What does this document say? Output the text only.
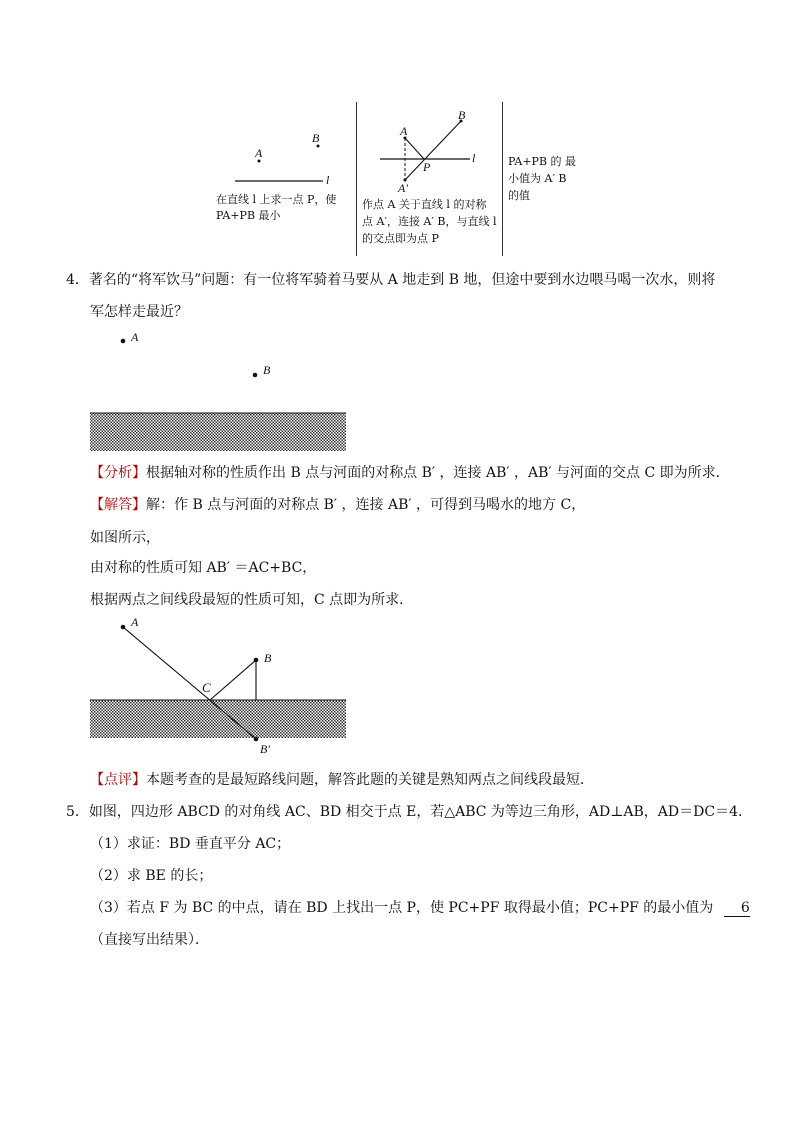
A
B
l
在直线 l 上求一点 P，使
PA+PB 最小
A
B
l
P
A′
作点 A 关于直线 l 的对称
点 A′，连接 A′ B，与直线 l
的交点即为点 P
PA+PB 的 最
小值为 A′ B
的值
4．著名的“将军饮马”问题：有一位将军骑着马要从 A 地走到 B 地，但途中要到水边喂马喝一次水，则将
军怎样走最近？
A
B
【分析】根据轴对称的性质作出 B 点与河面的对称点 B′ ，连接 AB′ ，AB′ 与河面的交点 C 即为所求．
【解答】解：作 B 点与河面的对称点 B′ ，连接 AB′ ，可得到马喝水的地方 C，
如图所示，
由对称的性质可知 AB′ ＝AC+BC，
根据两点之间线段最短的性质可知，C 点即为所求．
A
B
C
B′
【点评】本题考查的是最短路线问题，解答此题的关键是熟知两点之间线段最短．
5．如图，四边形 ABCD 的对角线 AC、BD 相交于点 E，若△ABC 为等边三角形，AD⊥AB，AD＝DC＝4．
（1）求证：BD 垂直平分 AC；
（2）求 BE 的长；
（3）若点 F 为 BC 的中点，请在 BD 上找出一点 P，使 PC+PF 取得最小值；PC+PF 的最小值为 6
（直接写出结果）．
